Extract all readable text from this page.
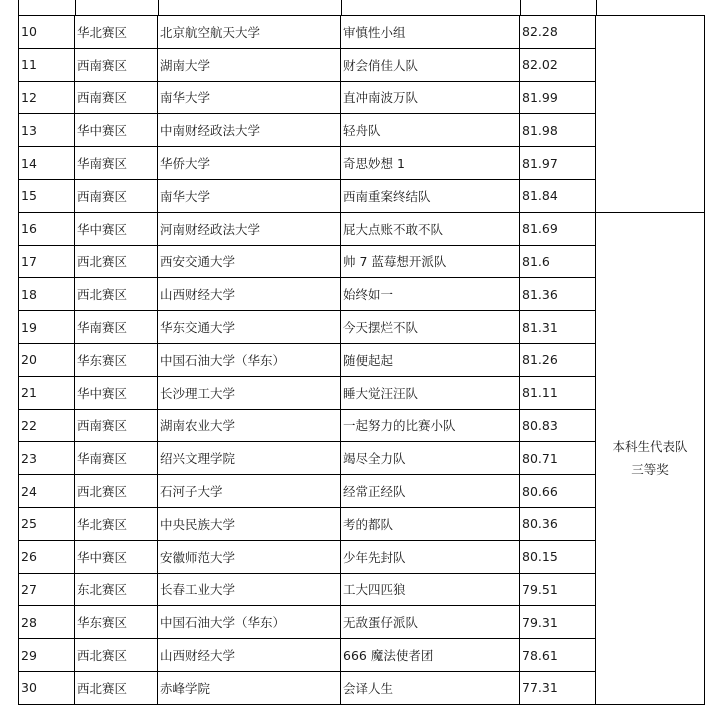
10	华北赛区	北京航空航天大学	审慎性小组	82.28	
11	西南赛区	湖南大学	财会俏佳人队	82.02	
12	西南赛区	南华大学	直冲南波万队	81.99	
13	华中赛区	中南财经政法大学	轻舟队	81.98	
14	华南赛区	华侨大学	奇思妙想 1	81.97	
15	西南赛区	南华大学	西南重案终结队	81.84	
16	华中赛区	河南财经政法大学	屁大点账不敢不队	81.69	本科生代表队
三等奖

17	西北赛区	西安交通大学	帅 7 蓝莓想开派队	81.6	
18	西北赛区	山西财经大学	始终如一	81.36	
19	华南赛区	华东交通大学	今天摆烂不队	81.31	
20	华东赛区	中国石油大学（华东）	随便起起	81.26	
21	华中赛区	长沙理工大学	睡大觉汪汪队	81.11	
22	西南赛区	湖南农业大学	一起努力的比赛小队	80.83	
23	华南赛区	绍兴文理学院	竭尽全力队	80.71	
24	西北赛区	石河子大学	经常正经队	80.66	
25	华北赛区	中央民族大学	考的都队	80.36	
26	华中赛区	安徽师范大学	少年先封队	80.15	
27	东北赛区	长春工业大学	工大四匹狼	79.51	
28	华东赛区	中国石油大学（华东）	无敌蛋仔派队	79.31	
29	西北赛区	山西财经大学	666 魔法使者团	78.61	
30	西北赛区	赤峰学院	会译人生	77.31	
